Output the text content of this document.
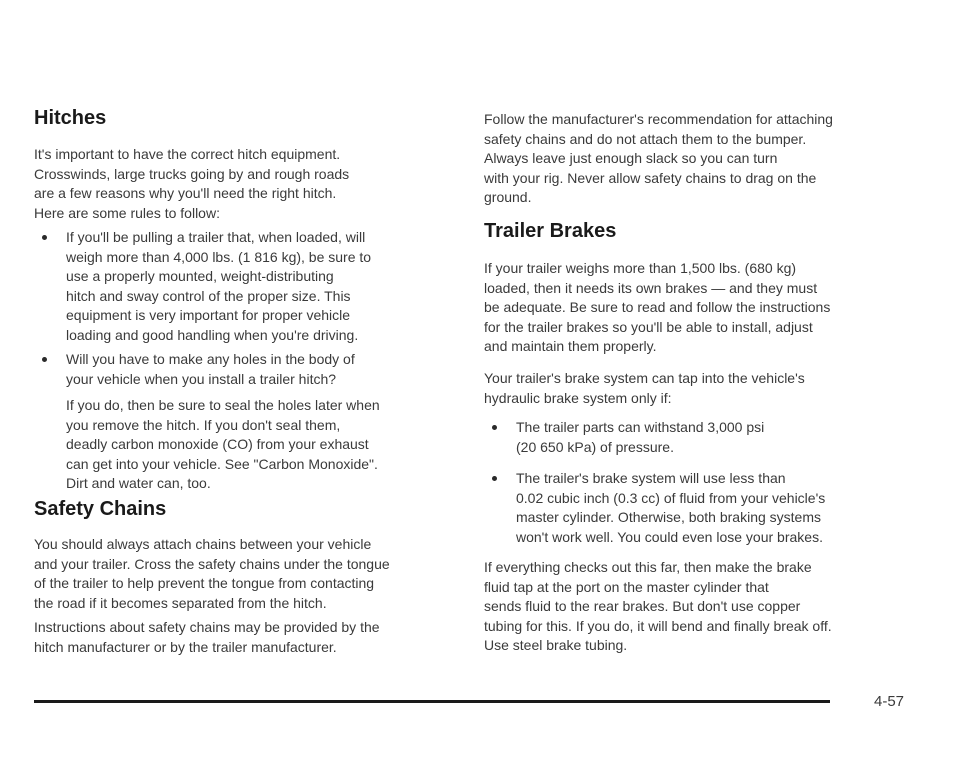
Hitches

It's important to have the correct hitch equipment.
Crosswinds, large trucks going by and rough roads
are a few reasons why you'll need the right hitch.
Here are some rules to follow:

If you'll be pulling a trailer that, when loaded, will
weigh more than 4,000 lbs. (1 816 kg), be sure to
use a properly mounted, weight-distributing
hitch and sway control of the proper size. This
equipment is very important for proper vehicle
loading and good handling when you're driving.
Will you have to make any holes in the body of
your vehicle when you install a trailer hitch?
If you do, then be sure to seal the holes later when
you remove the hitch. If you don't seal them,
deadly carbon monoxide (CO) from your exhaust
can get into your vehicle. See "Carbon Monoxide".
Dirt and water can, too.
Safety Chains

You should always attach chains between your vehicle
and your trailer. Cross the safety chains under the tongue
of the trailer to help prevent the tongue from contacting
the road if it becomes separated from the hitch.

Instructions about safety chains may be provided by the
hitch manufacturer or by the trailer manufacturer.

Follow the manufacturer's recommendation for attaching
safety chains and do not attach them to the bumper.
Always leave just enough slack so you can turn
with your rig. Never allow safety chains to drag on the
ground.

Trailer Brakes

If your trailer weighs more than 1,500 lbs. (680 kg)
loaded, then it needs its own brakes — and they must
be adequate. Be sure to read and follow the instructions
for the trailer brakes so you'll be able to install, adjust
and maintain them properly.

Your trailer's brake system can tap into the vehicle's
hydraulic brake system only if:

The trailer parts can withstand 3,000 psi
(20 650 kPa) of pressure.
The trailer's brake system will use less than
0.02 cubic inch (0.3 cc) of fluid from your vehicle's
master cylinder. Otherwise, both braking systems
won't work well. You could even lose your brakes.

If everything checks out this far, then make the brake
fluid tap at the port on the master cylinder that
sends fluid to the rear brakes. But don't use copper
tubing for this. If you do, it will bend and finally break off.
Use steel brake tubing.

4-57
